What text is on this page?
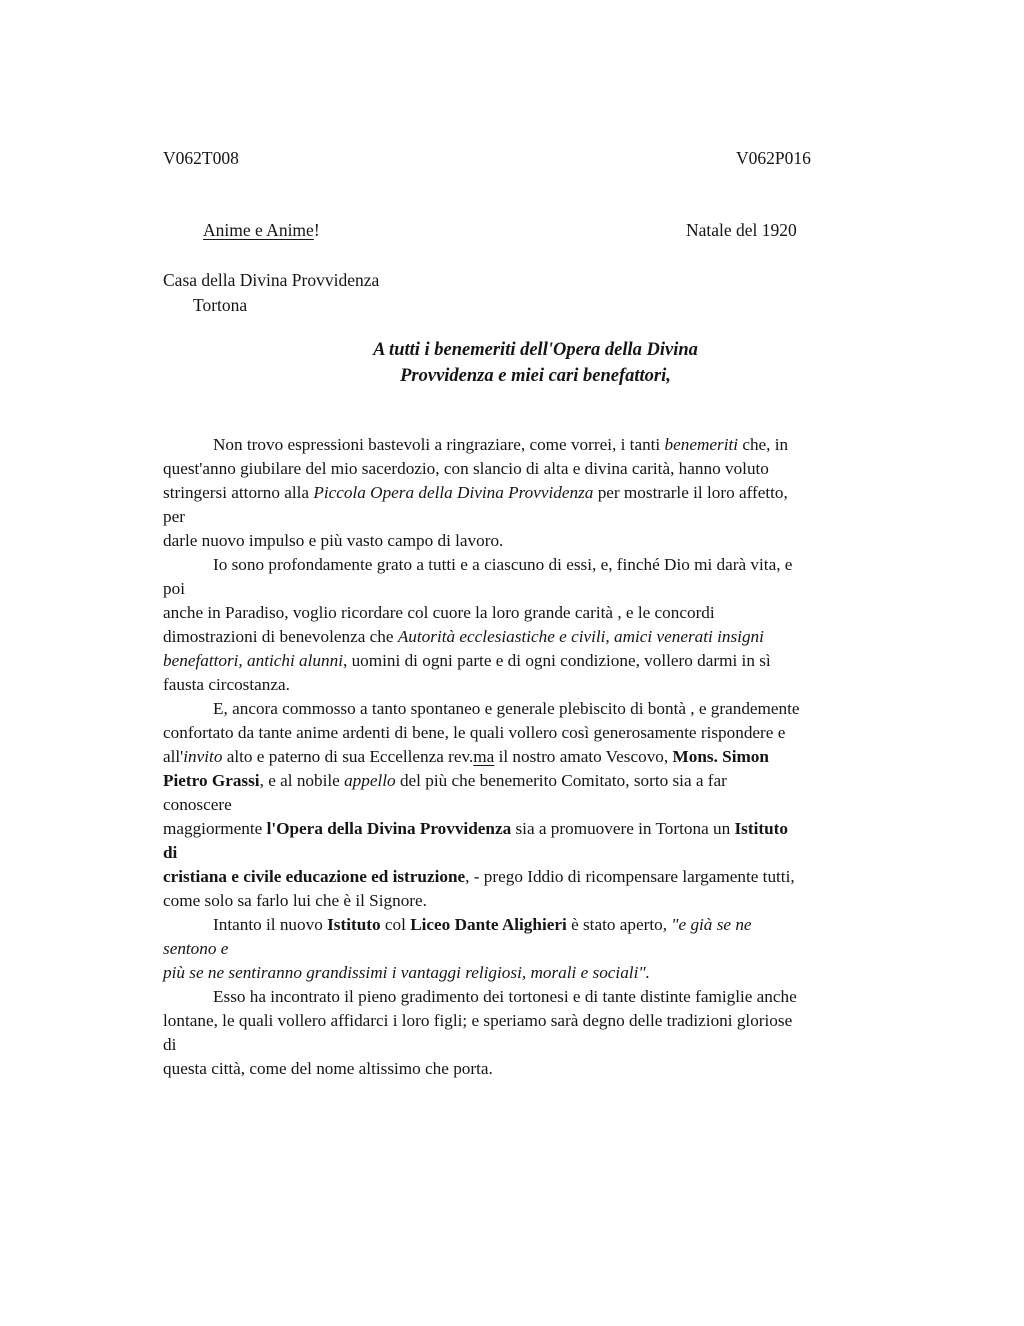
V062T008	V062P016
Anime e Anime!	Natale del 1920
Casa della Divina Provvidenza
Tortona
A tutti i benemeriti dell'Opera della Divina
Provvidenza e miei cari benefattori,
Non trovo espressioni bastevoli a ringraziare, come vorrei, i tanti benemeriti che, in
quest'anno giubilare del mio sacerdozio, con slancio di alta e divina carità, hanno voluto
stringersi attorno alla Piccola Opera della Divina Provvidenza per mostrarle il loro affetto,
per
darle nuovo impulso e più vasto campo di lavoro.
Io sono profondamente grato a tutti e a ciascuno di essi, e, finché Dio mi darà vita, e
poi
anche in Paradiso, voglio ricordare col cuore la loro grande carità , e le concordi
dimostrazioni di benevolenza che Autorità ecclesiastiche e civili, amici venerati insigni
benefattori, antichi alunni, uomini di ogni parte e di ogni condizione, vollero darmi in sì
fausta circostanza.
E, ancora commosso a tanto spontaneo e generale plebiscito di bontà , e grandemente
confortato da tante anime ardenti di bene, le quali vollero così generosamente rispondere e
all'invito alto e paterno di sua Eccellenza rev.ma il nostro amato Vescovo, Mons. Simon
Pietro Grassi, e al nobile appello del più che benemerito Comitato, sorto sia a far
conoscere
maggiormente l'Opera della Divina Provvidenza sia a promuovere in Tortona un Istituto
di
cristiana e civile educazione ed istruzione, - prego Iddio di ricompensare largamente tutti,
come solo sa farlo lui che è il Signore.
Intanto il nuovo Istituto col Liceo Dante Alighieri è stato aperto, "e già se ne
sentono e
più se ne sentiranno grandissimi i vantaggi religiosi, morali e sociali".
Esso ha incontrato il pieno gradimento dei tortonesi e di tante distinte famiglie anche
lontane, le quali vollero affidarci i loro figli; e speriamo sarà degno delle tradizioni gloriose
di
questa città, come del nome altissimo che porta.
